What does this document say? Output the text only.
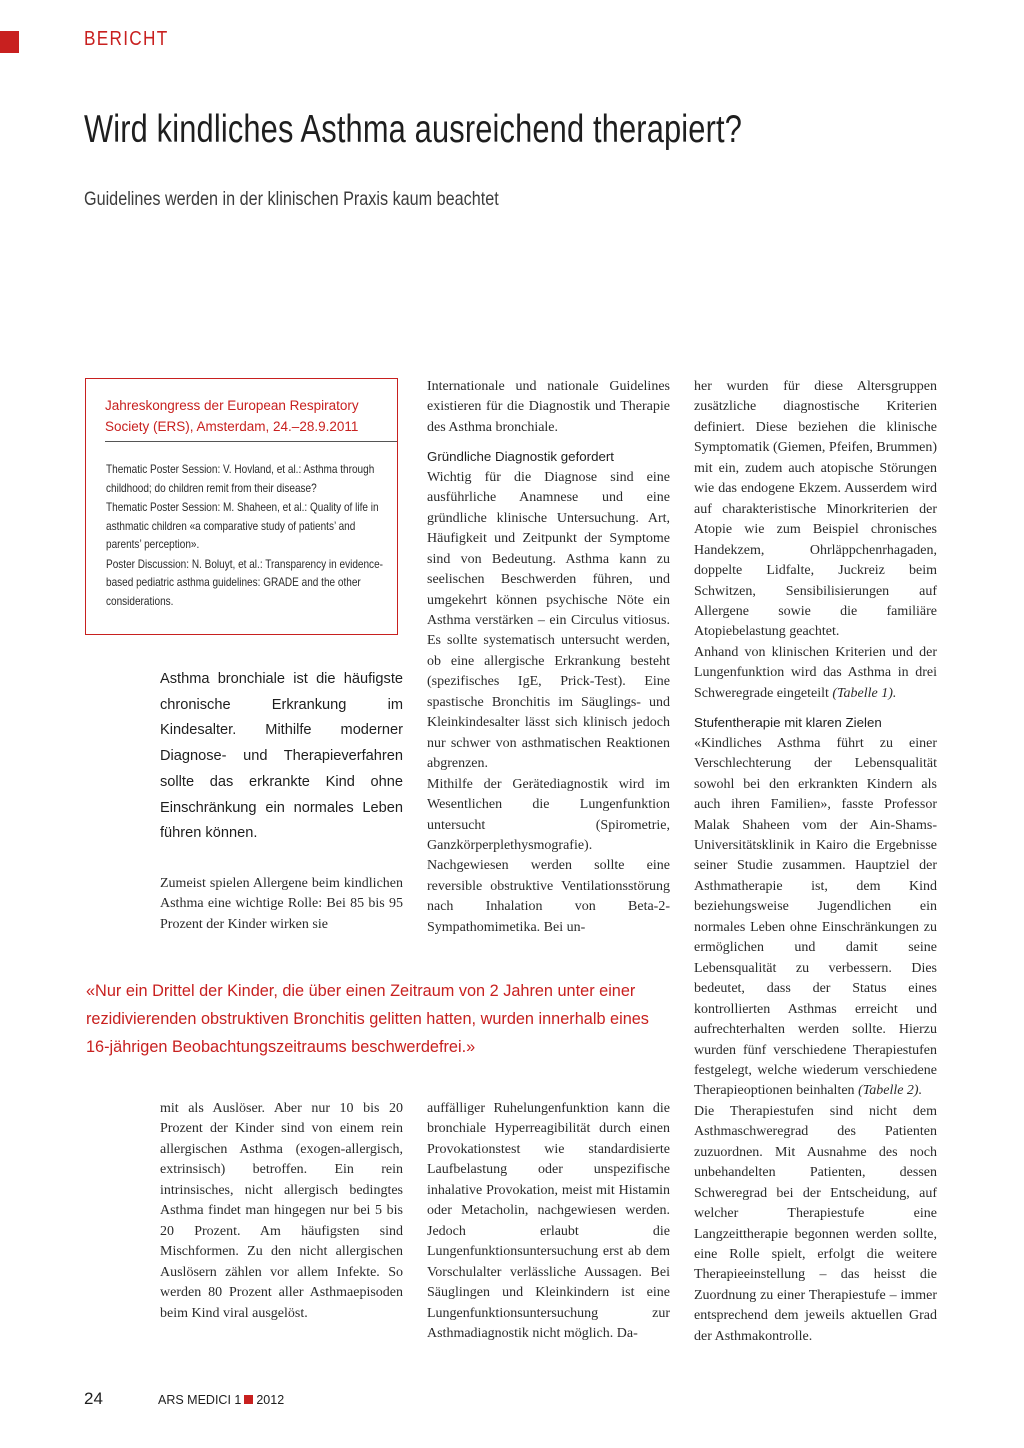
BERICHT
Wird kindliches Asthma ausreichend therapiert?
Guidelines werden in der klinischen Praxis kaum beachtet
Jahreskongress der European Respiratory
Society (ERS), Amsterdam, 24.–28.9.2011

Thematic Poster Session: V. Hovland, et al.: Asthma through childhood; do children remit from their disease?

Thematic Poster Session: M. Shaheen, et al.: Quality of life in asthmatic children «a comparative study of patients’ and parents’ perception».

Poster Discussion: N. Boluyt, et al.: Transparency in evidence-based pediatric asthma guidelines: GRADE and the other considerations.

Asthma bronchiale ist die häufigste chronische Erkrankung im Kindesalter. Mithilfe moderner Diagnose- und Therapieverfahren sollte das erkrankte Kind ohne Einschränkung ein normales Leben führen können.

Zumeist spielen Allergene beim kindlichen Asthma eine wichtige Rolle: Bei 85 bis 95 Prozent der Kinder wirken sie

mit als Auslöser. Aber nur 10 bis 20 Prozent der Kinder sind von einem rein allergischen Asthma (exogen-allergisch, extrinsisch) betroffen. Ein rein intrinsisches, nicht allergisch bedingtes Asthma findet man hingegen nur bei 5 bis 20 Prozent. Am häufigsten sind Mischformen. Zu den nicht allergischen Auslösern zählen vor allem Infekte. So werden 80 Prozent aller Asthmaepisoden beim Kind viral ausgelöst.

Internationale und nationale Guidelines existieren für die Diagnostik und Therapie des Asthma bronchiale.

Gründliche Diagnostik gefordert

Wichtig für die Diagnose sind eine ausführliche Anamnese und eine gründliche klinische Untersuchung. Art, Häufigkeit und Zeitpunkt der Symptome sind von Bedeutung. Asthma kann zu seelischen Beschwerden führen, und umgekehrt können psychische Nöte ein Asthma verstärken – ein Circulus vitiosus. Es sollte systematisch untersucht werden, ob eine allergische Erkrankung besteht (spezifisches IgE, Prick-Test). Eine spastische Bronchitis im Säuglings- und Kleinkindesalter lässt sich klinisch jedoch nur schwer von asthmatischen Reaktionen abgrenzen.

Mithilfe der Gerätediagnostik wird im Wesentlichen die Lungenfunktion untersucht (Spirometrie, Ganzkörperplethysmografie). Nachgewiesen werden sollte eine reversible obstruktive Ventilationsstörung nach Inhalation von Beta-2-Sympathomimetika. Bei un-

auffälliger Ruhelungenfunktion kann die bronchiale Hyperreagibilität durch einen Provokationstest wie standardisierte Laufbelastung oder unspezifische inhalative Provokation, meist mit Histamin oder Metacholin, nachgewiesen werden. Jedoch erlaubt die Lungenfunktionsuntersuchung erst ab dem Vorschulalter verlässliche Aussagen. Bei Säuglingen und Kleinkindern ist eine Lungenfunktionsuntersuchung zur Asthmadiagnostik nicht möglich. Da-

her wurden für diese Altersgruppen zusätzliche diagnostische Kriterien definiert. Diese beziehen die klinische Symptomatik (Giemen, Pfeifen, Brummen) mit ein, zudem auch atopische Störungen wie das endogene Ekzem. Ausserdem wird auf charakteristische Minorkriterien der Atopie wie zum Beispiel chronisches Handekzem, Ohrläppchenrhagaden, doppelte Lidfalte, Juckreiz beim Schwitzen, Sensibilisierungen auf Allergene sowie die familiäre Atopiebelastung geachtet.

Anhand von klinischen Kriterien und der Lungenfunktion wird das Asthma in drei Schweregrade eingeteilt (Tabelle 1).

Stufentherapie mit klaren Zielen

«Kindliches Asthma führt zu einer Verschlechterung der Lebensqualität sowohl bei den erkrankten Kindern als auch ihren Familien», fasste Professor Malak Shaheen vom der Ain-Shams-Universitätsklinik in Kairo die Ergebnisse seiner Studie zusammen. Hauptziel der Asthmatherapie ist, dem Kind beziehungsweise Jugendlichen ein normales Leben ohne Einschränkungen zu ermöglichen und damit seine Lebensqualität zu verbessern. Dies bedeutet, dass der Status eines kontrollierten Asthmas erreicht und aufrechterhalten werden sollte. Hierzu wurden fünf verschiedene Therapiestufen festgelegt, welche wiederum verschiedene Therapieoptionen beinhalten (Tabelle 2).

Die Therapiestufen sind nicht dem Asthmaschweregrad des Patienten zuzuordnen. Mit Ausnahme des noch unbehandelten Patienten, dessen Schweregrad bei der Entscheidung, auf welcher Therapiestufe eine Langzeittherapie begonnen werden sollte, eine Rolle spielt, erfolgt die weitere Therapieeinstellung – das heisst die Zuordnung zu einer Therapiestufe – immer entsprechend dem jeweils aktuellen Grad der Asthmakontrolle.

«Nur ein Drittel der Kinder, die über einen Zeitraum von 2 Jahren unter einer rezidivierenden obstruktiven Bronchitis gelitten hatten, wurden innerhalb eines 16-jährigen Beobachtungszeitraums beschwerdefrei.»
24	ARS MEDICI 1 2012
